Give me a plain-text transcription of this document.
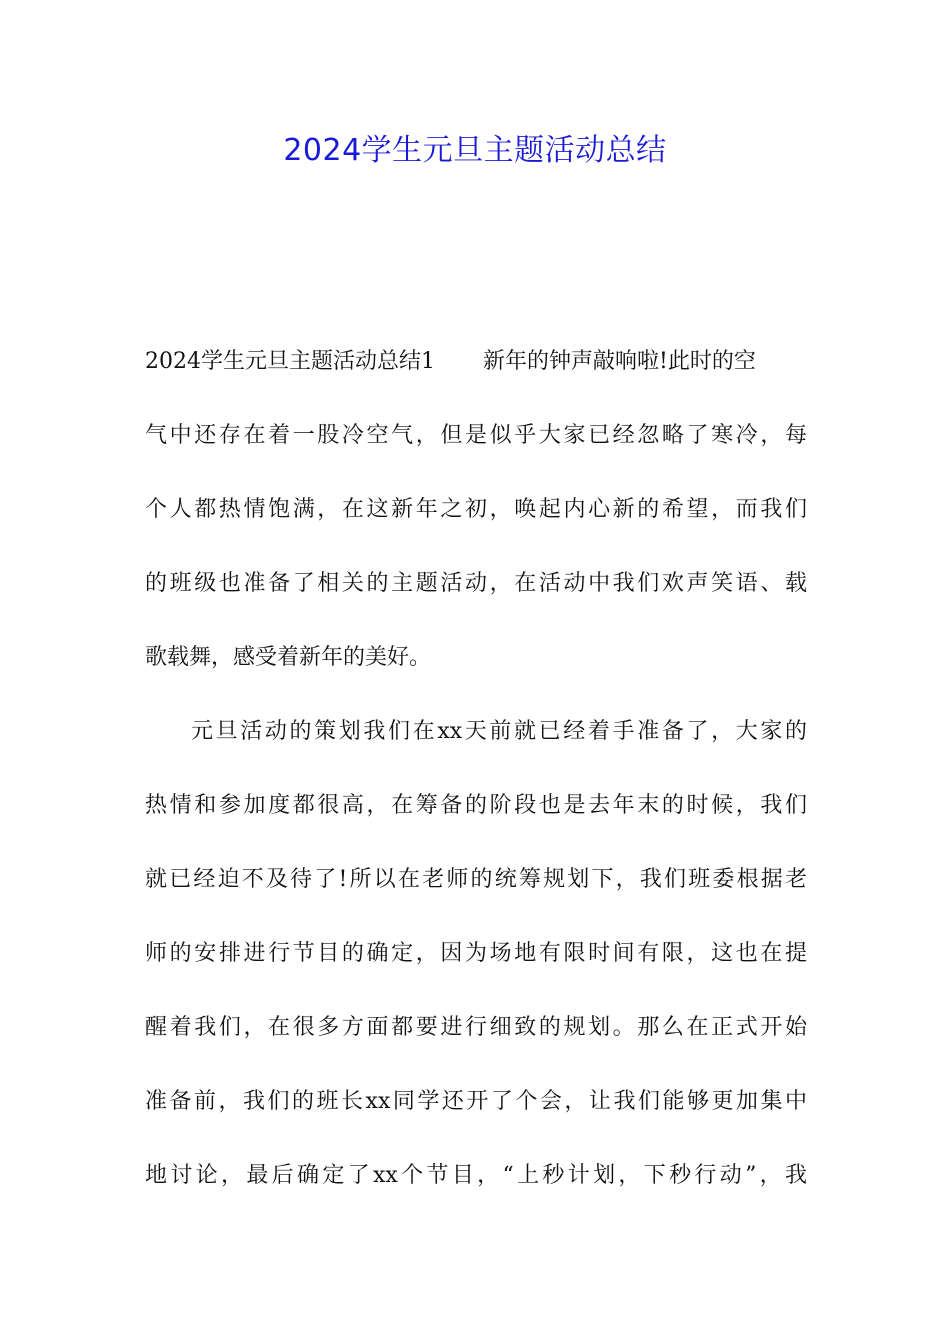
2024学生元旦主题活动总结
2024学生元旦主题活动总结1 新年的钟声敲响啦!此时的空
气中还存在着一股冷空气，但是似乎大家已经忽略了寒冷，每
个人都热情饱满，在这新年之初，唤起内心新的希望，而我们
的班级也准备了相关的主题活动，在活动中我们欢声笑语、载
歌载舞，感受着新年的美好。
元旦活动的策划我们在xx天前就已经着手准备了，大家的
热情和参加度都很高，在筹备的阶段也是去年末的时候，我们
就已经迫不及待了!所以在老师的统筹规划下，我们班委根据老
师的安排进行节目的确定，因为场地有限时间有限，这也在提
醒着我们，在很多方面都要进行细致的规划。那么在正式开始
准备前，我们的班长xx同学还开了个会，让我们能够更加集中
地讨论，最后确定了xx个节目，“上秒计划，下秒行动”，我
